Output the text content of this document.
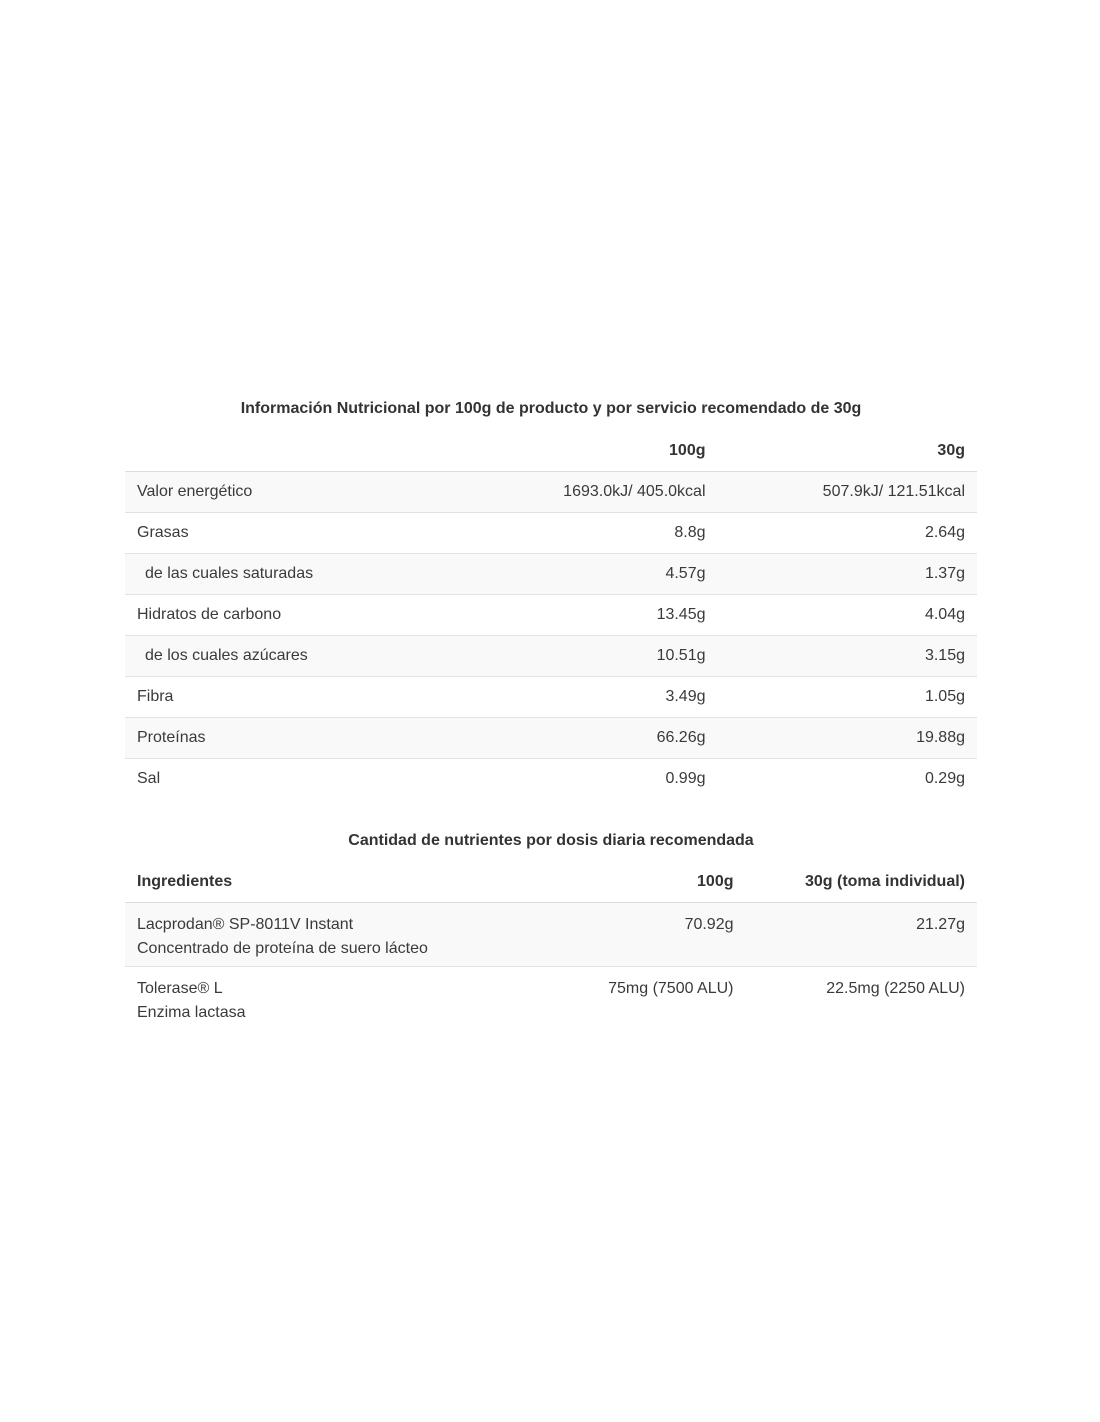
Información Nutricional por 100g de producto y por servicio recomendado de 30g
	100g	30g
Valor energético	1693.0kJ/ 405.0kcal	507.9kJ/ 121.51kcal
Grasas	8.8g	2.64g
de las cuales saturadas	4.57g	1.37g
Hidratos de carbono	13.45g	4.04g
de los cuales azúcares	10.51g	3.15g
Fibra	3.49g	1.05g
Proteínas	66.26g	19.88g
Sal	0.99g	0.29g
Cantidad de nutrientes por dosis diaria recomendada
Ingredientes	100g	30g (toma individual)

Lacprodan® SP-8011V Instant
Concentrado de proteína de suero lácteo	70.92g	21.27g

Tolerase® L
Enzima lactasa	75mg (7500 ALU)	22.5mg (2250 ALU)
